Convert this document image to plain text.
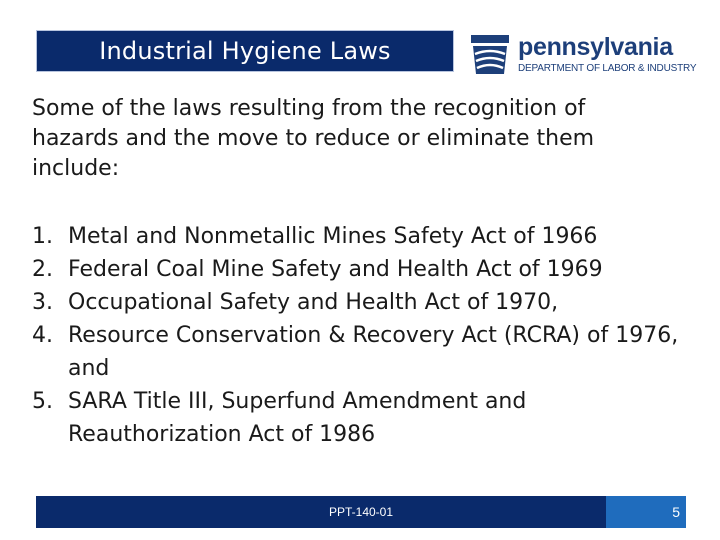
Industrial Hygiene Laws	pennsylvania
DEPARTMENT OF LABOR & INDUSTRY
Some of the laws resulting from the recognition of hazards and the move to reduce or eliminate them include:
1. Metal and Nonmetallic Mines Safety Act of 1966
2. Federal Coal Mine Safety and Health Act of 1969
3. Occupational Safety and Health Act of 1970,
4. Resource Conservation & Recovery Act (RCRA) of 1976, and
5. SARA Title III, Superfund Amendment and Reauthorization Act of 1986
PPT-140-01	5
